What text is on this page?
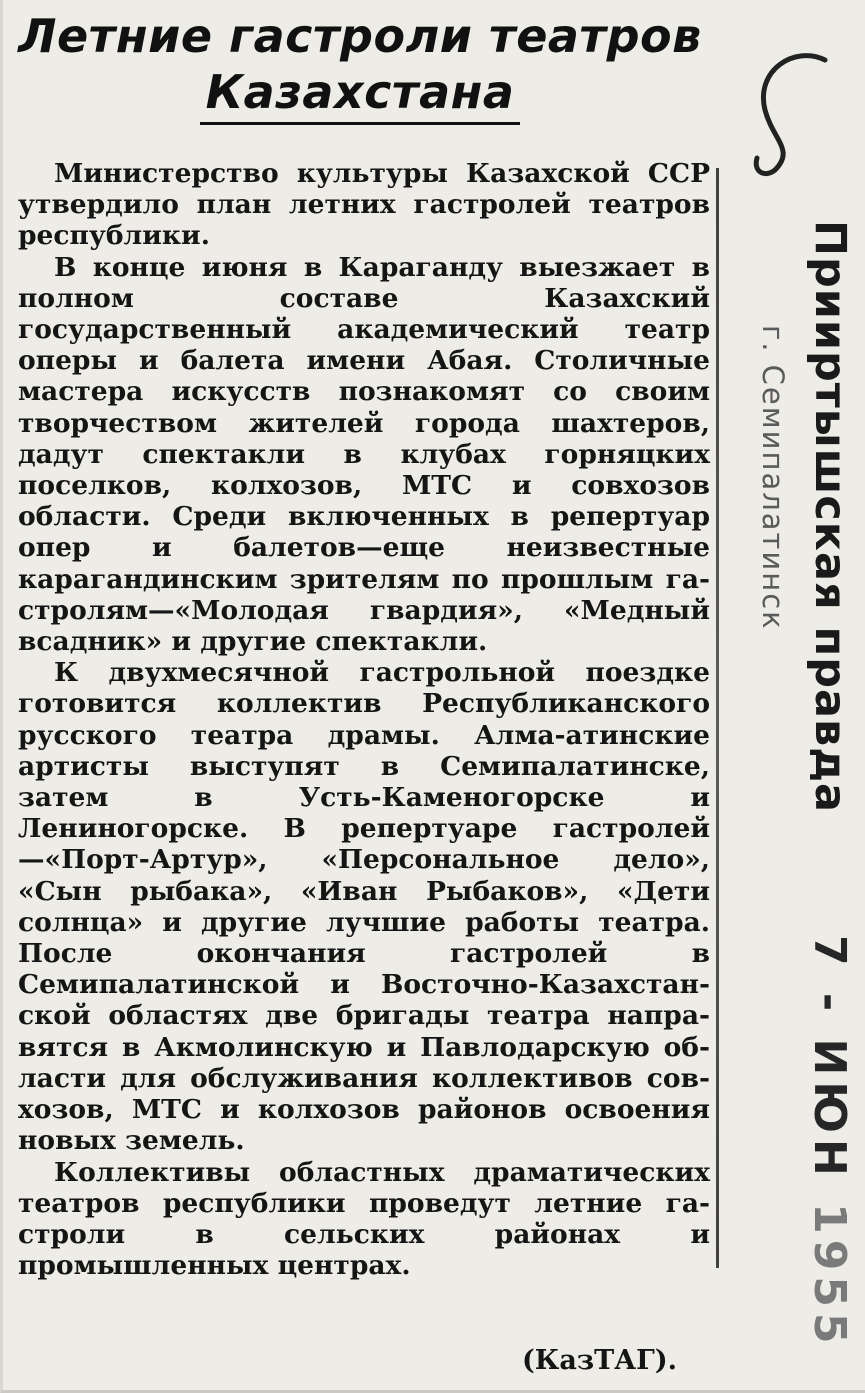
Летние гастроли театров
Казахстана

Министерство культуры Казахской ССР утвердило план летних гастролей театров республики.

В конце июня в Караганду выезжает в полном составе Казахский государственный академический театр оперы и балета имени Абая. Столичные мастера искусств познакомят со своим творчеством жителей города шахтеров, дадут спектакли в клубах горняцких поселков, колхозов, МТС и совхозов области. Среди включенных в репертуар опер и балетов—еще неизвестные карагандинским зрителям по прошлым гастролям—«Молодая гвардия», «Медный всадник» и другие спектакли.

К двухмесячной гастрольной поездке готовится коллектив Республиканского русского театра драмы. Алма-атинские артисты выступят в Семипалатинске, затем в Усть-Каменогорске и Лениногорске. В репертуаре гастролей—«Порт-Артур», «Персональное дело», «Сын рыбака», «Иван Рыбаков», «Дети солнца» и другие лучшие работы театра. После окончания гастролей в Семипалатинской и Восточно-Казахстанской областях две бригады театра направятся в Акмолинскую и Павлодарскую области для обслуживания коллективов совхозов, МТС и колхозов районов освоения новых земель.

Коллективы областных драматических театров республики проведут летние гастроли в сельских районах и промышленных центрах.

(КазТАГ).
Прииртышская правда
г. Семипалатинск
7 - ИЮН 1955
